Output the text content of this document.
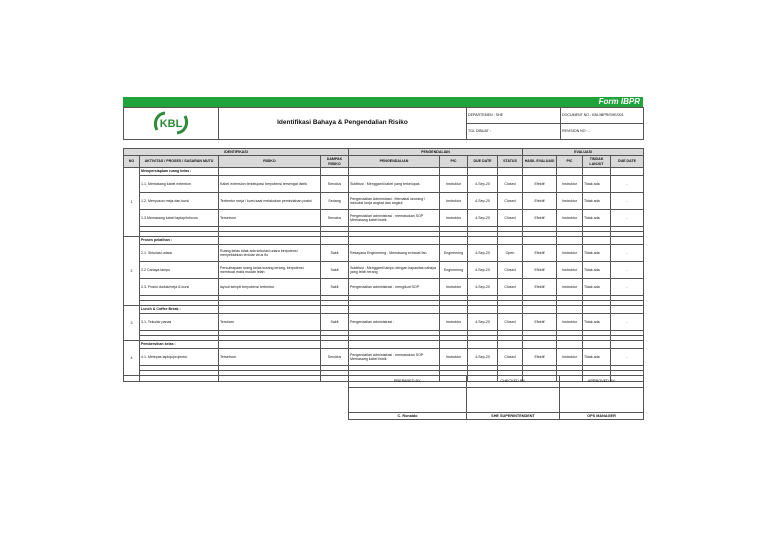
Form IBPR
KBL	Identifikasi Bahaya & Pengendalian Risiko	DEPARTEMEN : SHE	DOCUMENT NO : KBL/IBPR/SHE/001
		TGL DIBUAT :	REVISION NO : -
IDENTIFIKASI				PENGENDALIAN				EVALUASI			
NO	AKTIVITAS / PROSES / SASARAN MUTU	RISIKO	DAMPAK RISIKO	PENGENDALIAN	PIC	DUE DATE	STATUS	HASIL EVALUASI	PIC	TINDAK LANJUT	DUE DATE
1	Mempersiapkan ruang kelas :										
	1.1. Memasang kabel extention	Kabel extension terkelupas/ berpotensi tersengat listrik	Serodus	Subtitusi : Mengganti kabel yang terkelupas	Instruktur	4-Sep-20	Closed	Efektif	Instruktur	Tidak ada	-
	1.2. Menyusun meja dan kursi	Terbentur meja / kursi saat melakukan pemindahan posisi	Sedang	Pengendalian Adminstrasi : Memakai seorang / instruksi kerja angkat dan angkut	Instruktur	4-Sep-20	Closed	Efektif	Instruktur	Tidak ada	-
	1.3.Memasang kabel laptop/Infocus	Tersetrum	Serodus	Pengendalian administrasi : memasukan SOP Memasang kabel listrik	Instruktur	4-Sep-20	Closed	Efektif	Instruktur	Tidak ada	-

2	Proses pelatihan :										
	2.1. Sirkulasi udara	Ruang kelas tidak ada sirkulasi udara berpotensi menyebabkan tertular virus flu	Sakit	Rekayasa Engineering : Memasang exhaust fan	Engineering	4-Sep-20	Open	Efektif	Instruktur	Tidak ada	-
	2.2 Cahaya lampu	Pencahayaan ruang kelas kurang terang, berpotensi membuat mata mudah lelah	Sakit	Subtitusi : Mengganti lampu dengan kapasitas cahaya yang lebih terang	Engineering	4-Sep-20	Closed	Efektif	Instruktur	Tidak ada	-
	2.3. Posisi duduk/meja & kursi	layout sempit berpotensi terbentur	Sakit	Pengendalian administrasi : mengikuti SOP	Instruktur	4-Sep-20	Closed	Efektif	Instruktur	Tidak ada	-

3	Lunch & Coffee Break :										
	3.1. Teko/air panas	Tersiram	Sakit	Pengendalian administrasi :	Instruktur	4-Sep-20	Closed	Efektif	Instruktur	Tidak ada	-

4	Pembersihan kelas :										
	4.1. Melepas laptop/projector	Tersetrum	Serodus	Pengendalian administrasi : memasukan SOP Memasang kabel listrik	Instruktur	4-Sep-20	Closed	Efektif	Instruktur	Tidak ada	-

PREPARED BY,	CHECKED BY,	APPROVED BY

C. Ronaldo	SHE SUPERINTENDENT	OPS MANAGER
